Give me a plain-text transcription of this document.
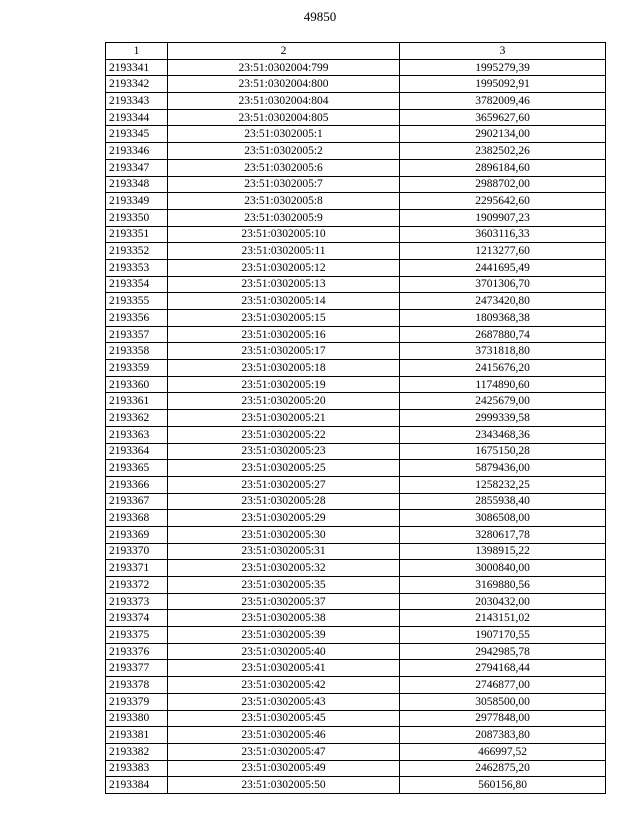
49850
1	2	3
2193341	23:51:0302004:799	1995279,39
2193342	23:51:0302004:800	1995092,91
2193343	23:51:0302004:804	3782009,46
2193344	23:51:0302004:805	3659627,60
2193345	23:51:0302005:1	2902134,00
2193346	23:51:0302005:2	2382502,26
2193347	23:51:0302005:6	2896184,60
2193348	23:51:0302005:7	2988702,00
2193349	23:51:0302005:8	2295642,60
2193350	23:51:0302005:9	1909907,23
2193351	23:51:0302005:10	3603116,33
2193352	23:51:0302005:11	1213277,60
2193353	23:51:0302005:12	2441695,49
2193354	23:51:0302005:13	3701306,70
2193355	23:51:0302005:14	2473420,80
2193356	23:51:0302005:15	1809368,38
2193357	23:51:0302005:16	2687880,74
2193358	23:51:0302005:17	3731818,80
2193359	23:51:0302005:18	2415676,20
2193360	23:51:0302005:19	1174890,60
2193361	23:51:0302005:20	2425679,00
2193362	23:51:0302005:21	2999339,58
2193363	23:51:0302005:22	2343468,36
2193364	23:51:0302005:23	1675150,28
2193365	23:51:0302005:25	5879436,00
2193366	23:51:0302005:27	1258232,25
2193367	23:51:0302005:28	2855938,40
2193368	23:51:0302005:29	3086508,00
2193369	23:51:0302005:30	3280617,78
2193370	23:51:0302005:31	1398915,22
2193371	23:51:0302005:32	3000840,00
2193372	23:51:0302005:35	3169880,56
2193373	23:51:0302005:37	2030432,00
2193374	23:51:0302005:38	2143151,02
2193375	23:51:0302005:39	1907170,55
2193376	23:51:0302005:40	2942985,78
2193377	23:51:0302005:41	2794168,44
2193378	23:51:0302005:42	2746877,00
2193379	23:51:0302005:43	3058500,00
2193380	23:51:0302005:45	2977848,00
2193381	23:51:0302005:46	2087383,80
2193382	23:51:0302005:47	466997,52
2193383	23:51:0302005:49	2462875,20
2193384	23:51:0302005:50	560156,80
